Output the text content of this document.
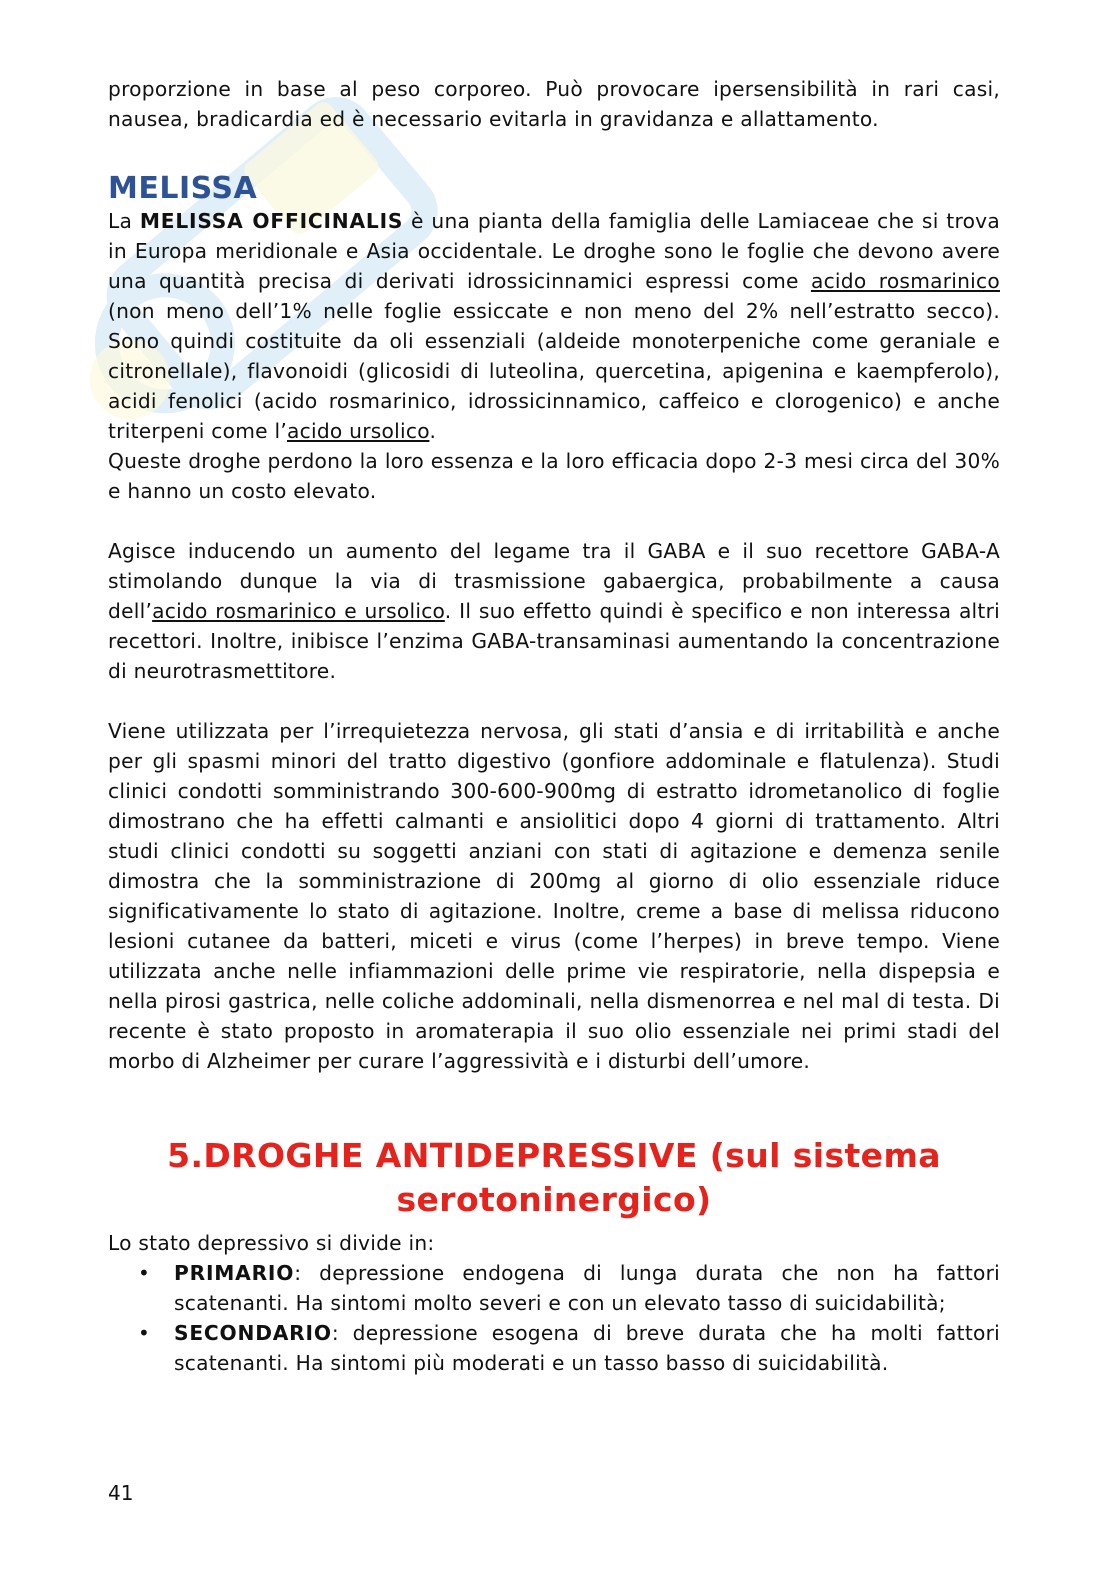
proporzione in base al peso corporeo. Può provocare ipersensibilità in rari casi, nausea, bradicardia ed è necessario evitarla in gravidanza e allattamento.

MELISSA

La MELISSA OFFICINALIS è una pianta della famiglia delle Lamiaceae che si trova in Europa meridionale e Asia occidentale. Le droghe sono le foglie che devono avere una quantità precisa di derivati idrossicinnamici espressi come acido rosmarinico (non meno dell’1% nelle foglie essiccate e non meno del 2% nell’estratto secco). Sono quindi costituite da oli essenziali (aldeide monoterpeniche come geraniale e citronellale), flavonoidi (glicosidi di luteolina, quercetina, apigenina e kaempferolo), acidi fenolici (acido rosmarinico, idrossicinnamico, caffeico e clorogenico) e anche triterpeni come l’acido ursolico.

Queste droghe perdono la loro essenza e la loro efficacia dopo 2-3 mesi circa del 30% e hanno un costo elevato.

Agisce inducendo un aumento del legame tra il GABA e il suo recettore GABA-A stimolando dunque la via di trasmissione gabaergica, probabilmente a causa dell’acido rosmarinico e ursolico. Il suo effetto quindi è specifico e non interessa altri recettori. Inoltre, inibisce l’enzima GABA-transaminasi aumentando la concentrazione di neurotrasmettitore.

Viene utilizzata per l’irrequietezza nervosa, gli stati d’ansia e di irritabilità e anche per gli spasmi minori del tratto digestivo (gonfiore addominale e flatulenza). Studi clinici condotti somministrando 300-600-900mg di estratto idrometanolico di foglie dimostrano che ha effetti calmanti e ansiolitici dopo 4 giorni di trattamento. Altri studi clinici condotti su soggetti anziani con stati di agitazione e demenza senile dimostra che la somministrazione di 200mg al giorno di olio essenziale riduce significativamente lo stato di agitazione. Inoltre, creme a base di melissa riducono lesioni cutanee da batteri, miceti e virus (come l’herpes) in breve tempo. Viene utilizzata anche nelle infiammazioni delle prime vie respiratorie, nella dispepsia e nella pirosi gastrica, nelle coliche addominali, nella dismenorrea e nel mal di testa. Di recente è stato proposto in aromaterapia il suo olio essenziale nei primi stadi del morbo di Alzheimer per curare l’aggressività e i disturbi dell’umore.

5.DROGHE ANTIDEPRESSIVE (sul sistema
serotoninergico)

Lo stato depressivo si divide in:

• PRIMARIO: depressione endogena di lunga durata che non ha fattori scatenanti. Ha sintomi molto severi e con un elevato tasso di suicidabilità;
• SECONDARIO: depressione esogena di breve durata che ha molti fattori scatenanti. Ha sintomi più moderati e un tasso basso di suicidabilità.
41
